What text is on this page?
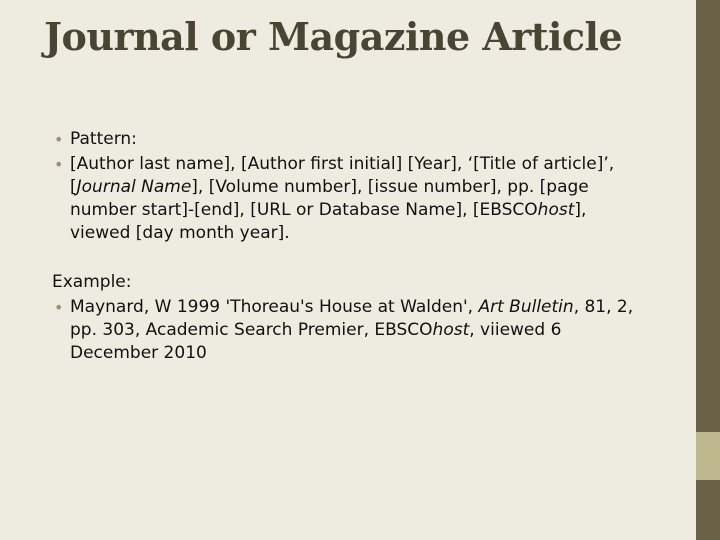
Journal or Magazine Article
• Pattern:
• [Author last name], [Author first initial] [Year], ‘[Title of article]’, [Journal Name], [Volume number], [issue number], pp. [page number start]-[end], [URL or Database Name], [EBSCOhost], viewed [day month year].
Example:
• Maynard, W 1999 'Thoreau's House at Walden', Art Bulletin, 81, 2, pp. 303, Academic Search Premier, EBSCOhost, viiewed 6 December 2010
